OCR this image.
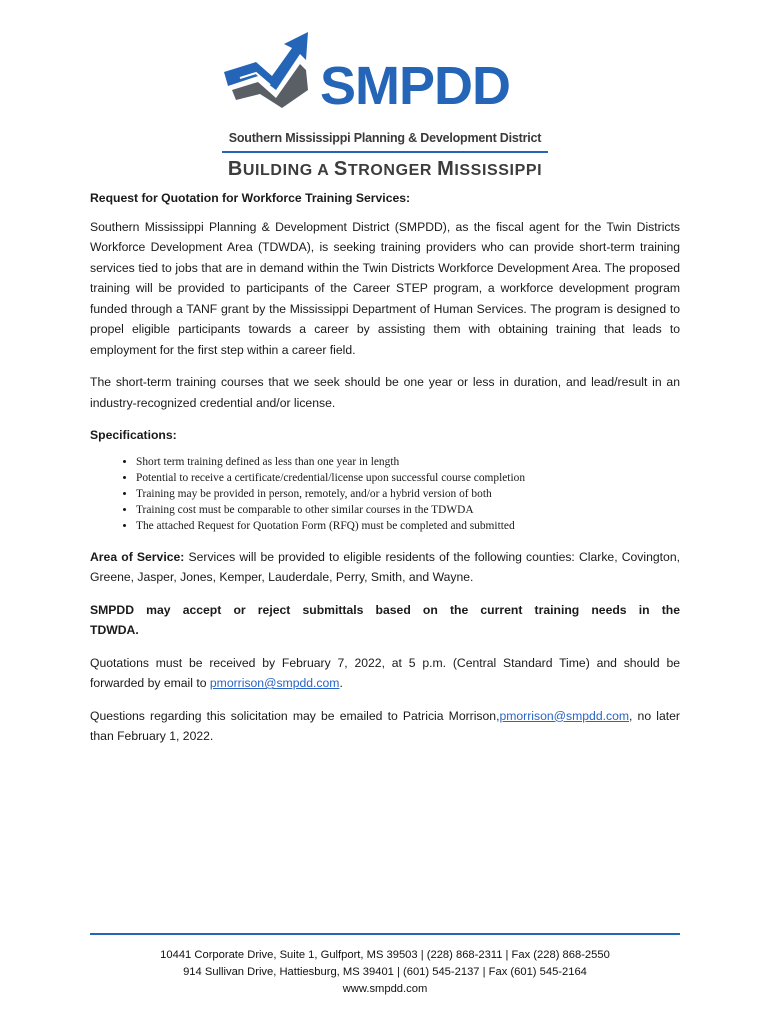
SMPDD
Southern Mississippi Planning & Development District
BUILDING A STRONGER MISSISSIPPI
Request for Quotation for Workforce Training Services:

Southern Mississippi Planning & Development District (SMPDD), as the fiscal agent for the Twin Districts Workforce Development Area (TDWDA), is seeking training providers who can provide short-term training services tied to jobs that are in demand within the Twin Districts Workforce Development Area. The proposed training will be provided to participants of the Career STEP program, a workforce development program funded through a TANF grant by the Mississippi Department of Human Services. The program is designed to propel eligible participants towards a career by assisting them with obtaining training that leads to employment for the first step within a career field.

The short-term training courses that we seek should be one year or less in duration, and lead/result in an industry-recognized credential and/or license.

Specifications:
• Short term training defined as less than one year in length
• Potential to receive a certificate/credential/license upon successful course completion
• Training may be provided in person, remotely, and/or a hybrid version of both
• Training cost must be comparable to other similar courses in the TDWDA
• The attached Request for Quotation Form (RFQ) must be completed and submitted

Area of Service: Services will be provided to eligible residents of the following counties: Clarke, Covington, Greene, Jasper, Jones, Kemper, Lauderdale, Perry, Smith, and Wayne.

SMPDD may accept or reject submittals based on the current training needs in the TDWDA.

Quotations must be received by February 7, 2022, at 5 p.m. (Central Standard Time) and should be forwarded by email to pmorrison@smpdd.com.

Questions regarding this solicitation may be emailed to Patricia Morrison,pmorrison@smpdd.com, no later than February 1, 2022.

10441 Corporate Drive, Suite 1, Gulfport, MS 39503 | (228) 868-2311 | Fax (228) 868-2550
914 Sullivan Drive, Hattiesburg, MS 39401 | (601) 545-2137 | Fax (601) 545-2164
www.smpdd.com
